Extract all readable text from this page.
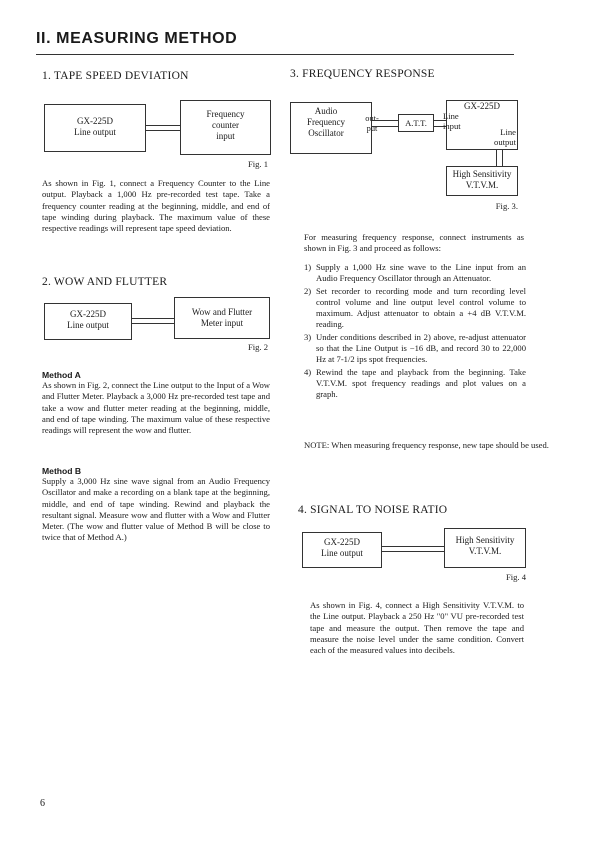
II. MEASURING METHOD
1. TAPE SPEED DEVIATION
GX-225D
Line output
Frequency
counter
input
Fig. 1

As shown in Fig. 1, connect a Frequency Counter to the Line output. Playback a 1,000 Hz pre-recorded test tape. Take a frequency counter reading at the beginning, middle, and end of tape winding during playback. The maximum value of these respective readings will represent tape speed deviation.

2. WOW AND FLUTTER
GX-225D
Line output
Wow and Flutter
Meter input
Fig. 2
Method A

As shown in Fig. 2, connect the Line output to the Input of a Wow and Flutter Meter. Playback a 3,000 Hz pre-recorded test tape and take a wow and flutter meter reading at the beginning, middle, and end of tape winding. The maximum value of these respective readings will represent the wow and flutter.

Method B

Supply a 3,000 Hz sine wave signal from an Audio Frequency Oscillator and make a recording on a blank tape at the beginning, middle, and end of tape winding. Rewind and playback the resultant signal. Measure wow and flutter with a Wow and Flutter Meter. (The wow and flutter value of Method B will be close to twice that of Method A.)

3. FREQUENCY RESPONSE
Audio
Frequency
Oscillator
out-
put	A.T.T.
GX-225D
Line
input
Line
output
High Sensitivity
V.T.V.M.
Fig. 3.

For measuring frequency response, connect instruments as shown in Fig. 3 and proceed as follows:

1) Supply a 1,000 Hz sine wave to the Line input from an Audio Frequency Oscillator through an Attenuator.
2) Set recorder to recording mode and turn recording level control volume and line output level control volume to maximum. Adjust attenuator to obtain a +4 dB V.T.V.M. reading.
3) Under conditions described in 2) above, re-adjust attenuator so that the Line Output is −16 dB, and record 30 to 22,000 Hz at 7-1/2 ips spot frequencies.
4) Rewind the tape and playback from the beginning. Take V.T.V.M. spot frequency readings and plot values on a graph.

NOTE: When measuring frequency response, new tape should be used.

4. SIGNAL TO NOISE RATIO
GX-225D
Line output
High Sensitivity
V.T.V.M.
Fig. 4

As shown in Fig. 4, connect a High Sensitivity V.T.V.M. to the Line output. Playback a 250 Hz "0" VU pre-recorded test tape and measure the output. Then remove the tape and measure the noise level under the same condition. Convert each of the measured values into decibels.

6
